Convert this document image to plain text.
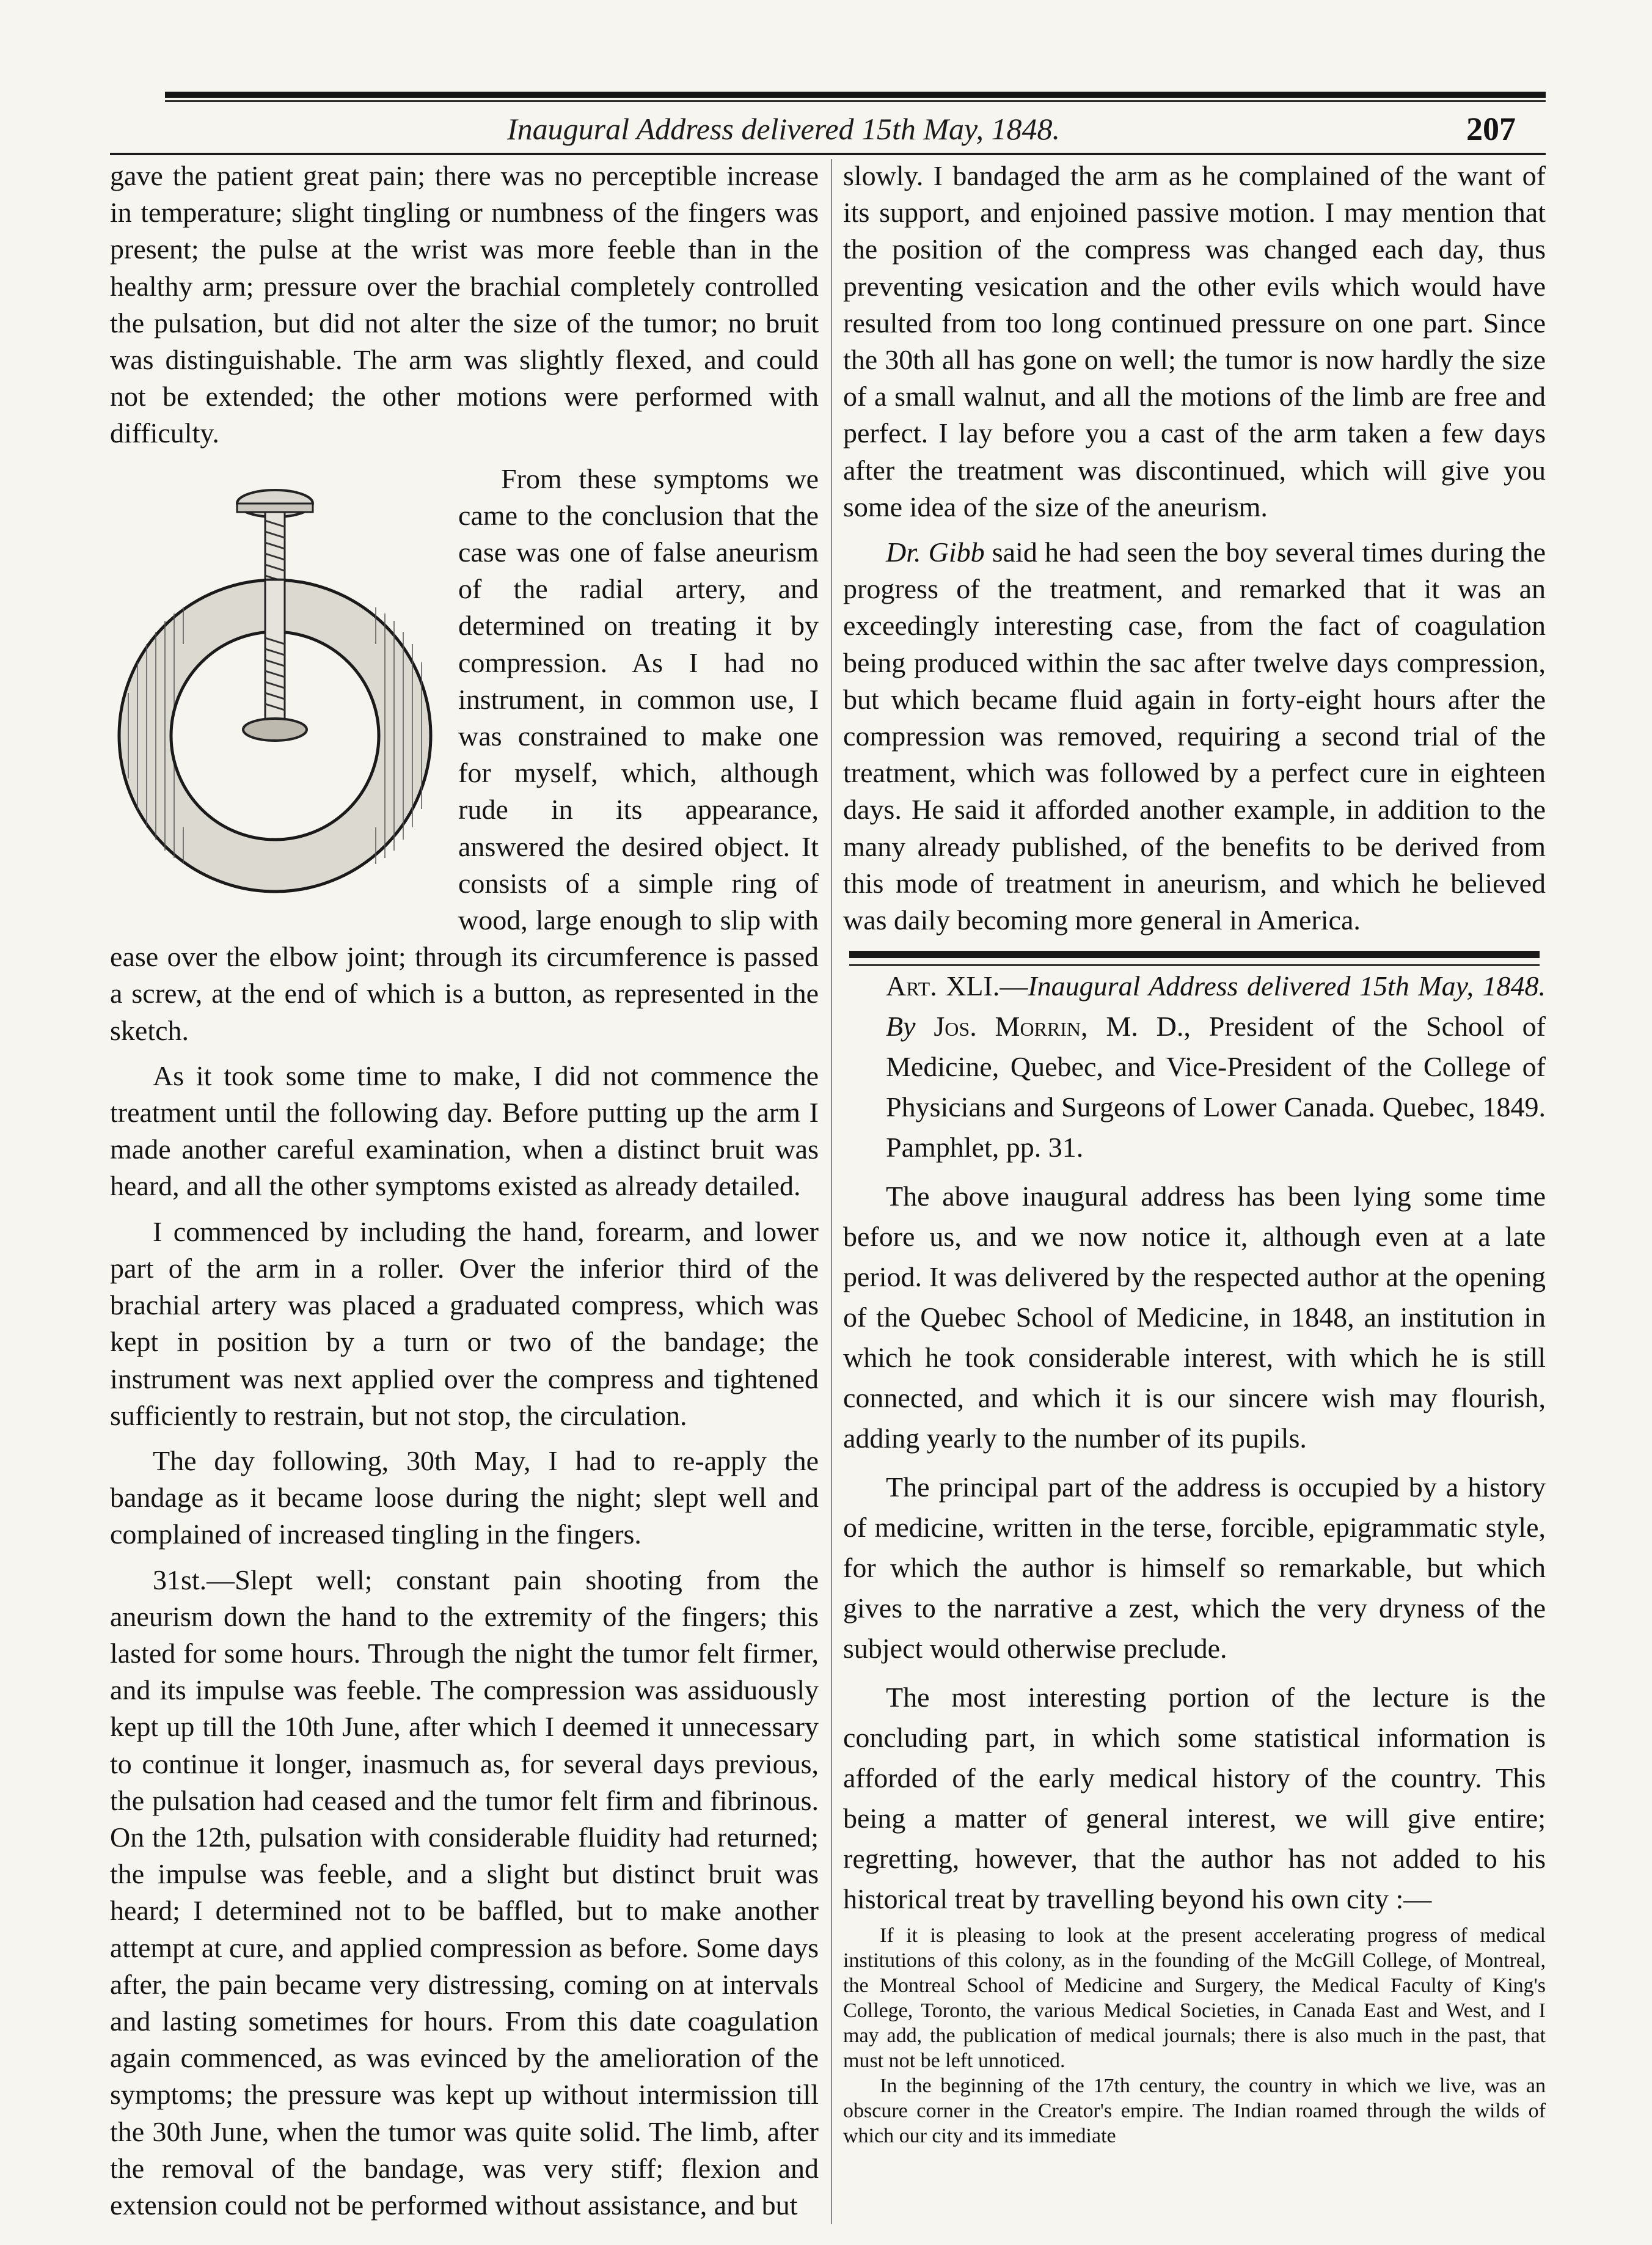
Inaugural Address delivered 15th May, 1848.	207

gave the patient great pain; there was no perceptible increase in temperature; slight tingling or numbness of the fingers was present; the pulse at the wrist was more feeble than in the healthy arm; pressure over the brachial completely controlled the pulsation, but did not alter the size of the tumor; no bruit was distinguishable. The arm was slightly flexed, and could not be extended; the other motions were performed with difficulty.

From these symptoms we came to the conclusion that the case was one of false aneurism of the radial artery, and determined on treating it by compression. As I had no instrument, in common use, I was constrained to make one for myself, which, although rude in its appearance, answered the desired object. It consists of a simple ring of wood, large enough to slip with ease over the elbow joint; through its circumference is passed a screw, at the end of which is a button, as represented in the sketch.

As it took some time to make, I did not commence the treatment until the following day. Before putting up the arm I made another careful examination, when a distinct bruit was heard, and all the other symptoms existed as already detailed.

I commenced by including the hand, forearm, and lower part of the arm in a roller. Over the inferior third of the brachial artery was placed a graduated compress, which was kept in position by a turn or two of the bandage; the instrument was next applied over the compress and tightened sufficiently to restrain, but not stop, the circulation.

The day following, 30th May, I had to re-apply the bandage as it became loose during the night; slept well and complained of increased tingling in the fingers.

31st.—Slept well; constant pain shooting from the aneurism down the hand to the extremity of the fingers; this lasted for some hours. Through the night the tumor felt firmer, and its impulse was feeble. The compression was assiduously kept up till the 10th June, after which I deemed it unnecessary to continue it longer, inasmuch as, for several days previous, the pulsation had ceased and the tumor felt firm and fibrinous. On the 12th, pulsation with considerable fluidity had returned; the impulse was feeble, and a slight but distinct bruit was heard; I determined not to be baffled, but to make another attempt at cure, and applied compression as before. Some days after, the pain became very distressing, coming on at intervals and lasting sometimes for hours. From this date coagulation again commenced, as was evinced by the amelioration of the symptoms; the pressure was kept up without intermission till the 30th June, when the tumor was quite solid. The limb, after the removal of the bandage, was very stiff; flexion and extension could not be performed without assistance, and but

slowly. I bandaged the arm as he complained of the want of its support, and enjoined passive motion. I may mention that the position of the compress was changed each day, thus preventing vesication and the other evils which would have resulted from too long continued pressure on one part. Since the 30th all has gone on well; the tumor is now hardly the size of a small walnut, and all the motions of the limb are free and perfect. I lay before you a cast of the arm taken a few days after the treatment was discontinued, which will give you some idea of the size of the aneurism.

Dr. Gibb said he had seen the boy several times during the progress of the treatment, and remarked that it was an exceedingly interesting case, from the fact of coagulation being produced within the sac after twelve days compression, but which became fluid again in forty-eight hours after the compression was removed, requiring a second trial of the treatment, which was followed by a perfect cure in eighteen days. He said it afforded another example, in addition to the many already published, of the benefits to be derived from this mode of treatment in aneurism, and which he believed was daily becoming more general in America.

Art. XLI.—Inaugural Address delivered 15th May, 1848. By Jos. Morrin, M. D., President of the School of Medicine, Quebec, and Vice-President of the College of Physicians and Surgeons of Lower Canada. Quebec, 1849. Pamphlet, pp. 31.

The above inaugural address has been lying some time before us, and we now notice it, although even at a late period. It was delivered by the respected author at the opening of the Quebec School of Medicine, in 1848, an institution in which he took considerable interest, with which he is still connected, and which it is our sincere wish may flourish, adding yearly to the number of its pupils.

The principal part of the address is occupied by a history of medicine, written in the terse, forcible, epigrammatic style, for which the author is himself so remarkable, but which gives to the narrative a zest, which the very dryness of the subject would otherwise preclude.

The most interesting portion of the lecture is the concluding part, in which some statistical information is afforded of the early medical history of the country. This being a matter of general interest, we will give entire; regretting, however, that the author has not added to his historical treat by travelling beyond his own city :—

If it is pleasing to look at the present accelerating progress of medical institutions of this colony, as in the founding of the McGill College, of Montreal, the Montreal School of Medicine and Surgery, the Medical Faculty of King's College, Toronto, the various Medical Societies, in Canada East and West, and I may add, the publication of medical journals; there is also much in the past, that must not be left unnoticed.

In the beginning of the 17th century, the country in which we live, was an obscure corner in the Creator's empire. The Indian roamed through the wilds of which our city and its immediate
